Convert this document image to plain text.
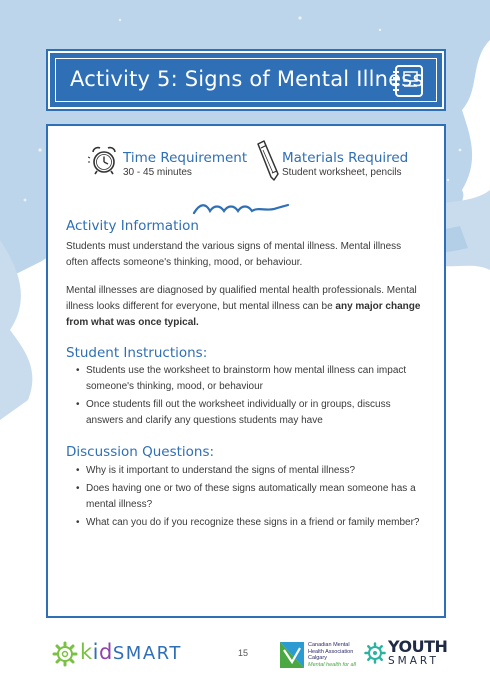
Activity 5: Signs of Mental Illness
Time Requirement
30 - 45 minutes
Materials Required
Student worksheet, pencils
Activity Information
Students must understand the various signs of mental illness. Mental illness often affects someone's thinking, mood, or behaviour.
Mental illnesses are diagnosed by qualified mental health professionals. Mental illness looks different for everyone, but mental illness can be any major change from what was once typical.
Student Instructions:
• Students use the worksheet to brainstorm how mental illness can impact someone's thinking, mood, or behaviour
• Once students fill out the worksheet individually or in groups, discuss answers and clarify any questions students may have
Discussion Questions:
• Why is it important to understand the signs of mental illness?
• Does having one or two of these signs automatically mean someone has a mental illness?
• What can you do if you recognize these signs in a friend or family member?
kidSMART	15
Canadian Mental
Health Association
Calgary
Mental health for all
YOUTH
SMART
